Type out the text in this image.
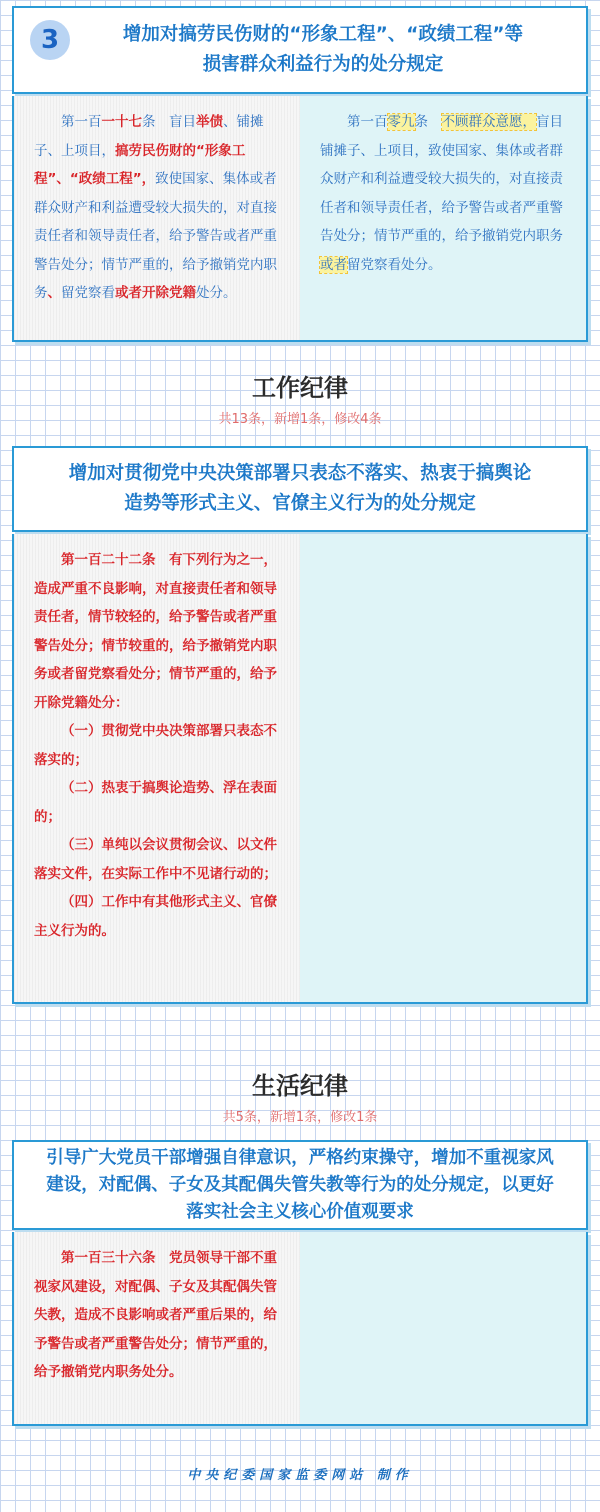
3	增加对搞劳民伤财的“形象工程”、“政绩工程”等
损害群众利益行为的处分规定

第一百一十七条　盲目举债、铺摊子、上项目，搞劳民伤财的“形象工程”、“政绩工程”，致使国家、集体或者群众财产和利益遭受较大损失的，对直接责任者和领导责任者，给予警告或者严重警告处分；情节严重的，给予撤销党内职务、留党察看或者开除党籍处分。

第一百零九条　不顾群众意愿，盲目铺摊子、上项目，致使国家、集体或者群众财产和利益遭受较大损失的，对直接责任者和领导责任者，给予警告或者严重警告处分；情节严重的，给予撤销党内职务或者留党察看处分。

工作纪律
共13条，新增1条，修改4条
增加对贯彻党中央决策部署只表态不落实、热衷于搞舆论
造势等形式主义、官僚主义行为的处分规定

第一百二十二条　有下列行为之一，造成严重不良影响，对直接责任者和领导责任者，情节较轻的，给予警告或者严重警告处分；情节较重的，给予撤销党内职务或者留党察看处分；情节严重的，给予开除党籍处分：

（一）贯彻党中央决策部署只表态不落实的；

（二）热衷于搞舆论造势、浮在表面的；

（三）单纯以会议贯彻会议、以文件落实文件，在实际工作中不见诸行动的；

（四）工作中有其他形式主义、官僚主义行为的。

生活纪律
共5条，新增1条，修改1条
引导广大党员干部增强自律意识，严格约束操守，增加不重视家风
建设，对配偶、子女及其配偶失管失教等行为的处分规定，以更好
落实社会主义核心价值观要求

第一百三十六条　党员领导干部不重视家风建设，对配偶、子女及其配偶失管失教，造成不良影响或者严重后果的，给予警告或者严重警告处分；情节严重的，给予撤销党内职务处分。

中央纪委国家监委网站 制作
